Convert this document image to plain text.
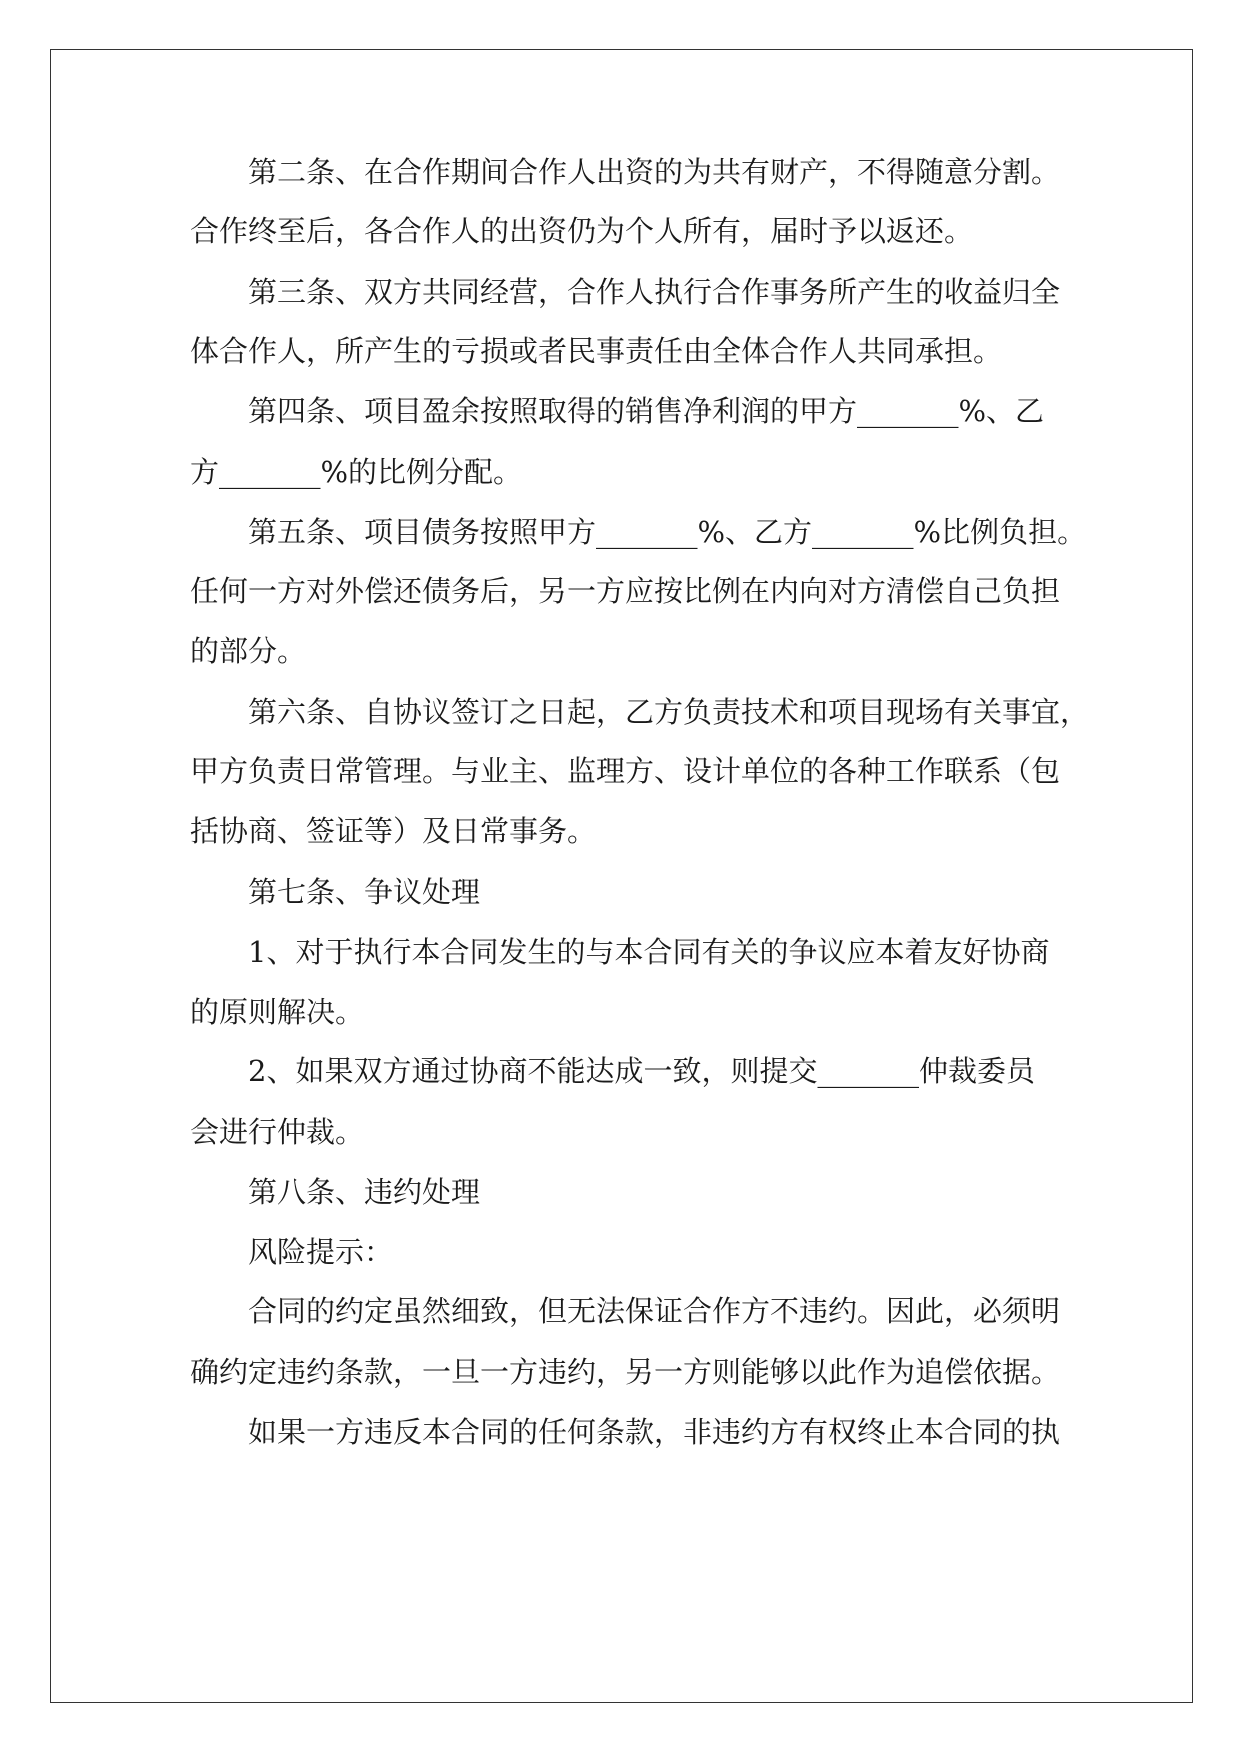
第二条、在合作期间合作人出资的为共有财产，不得随意分割。
合作终至后，各合作人的出资仍为个人所有，届时予以返还。
第三条、双方共同经营，合作人执行合作事务所产生的收益归全
体合作人，所产生的亏损或者民事责任由全体合作人共同承担。
第四条、项目盈余按照取得的销售净利润的甲方_______%、乙
方_______%的比例分配。
第五条、项目债务按照甲方_______%、乙方_______%比例负担。
任何一方对外偿还债务后，另一方应按比例在内向对方清偿自己负担
的部分。
第六条、自协议签订之日起，乙方负责技术和项目现场有关事宜，
甲方负责日常管理。与业主、监理方、设计单位的各种工作联系（包
括协商、签证等）及日常事务。
第七条、争议处理
1、对于执行本合同发生的与本合同有关的争议应本着友好协商
的原则解决。
2、如果双方通过协商不能达成一致，则提交_______仲裁委员
会进行仲裁。
第八条、违约处理
风险提示：
合同的约定虽然细致，但无法保证合作方不违约。因此，必须明
确约定违约条款，一旦一方违约，另一方则能够以此作为追偿依据。
如果一方违反本合同的任何条款，非违约方有权终止本合同的执
